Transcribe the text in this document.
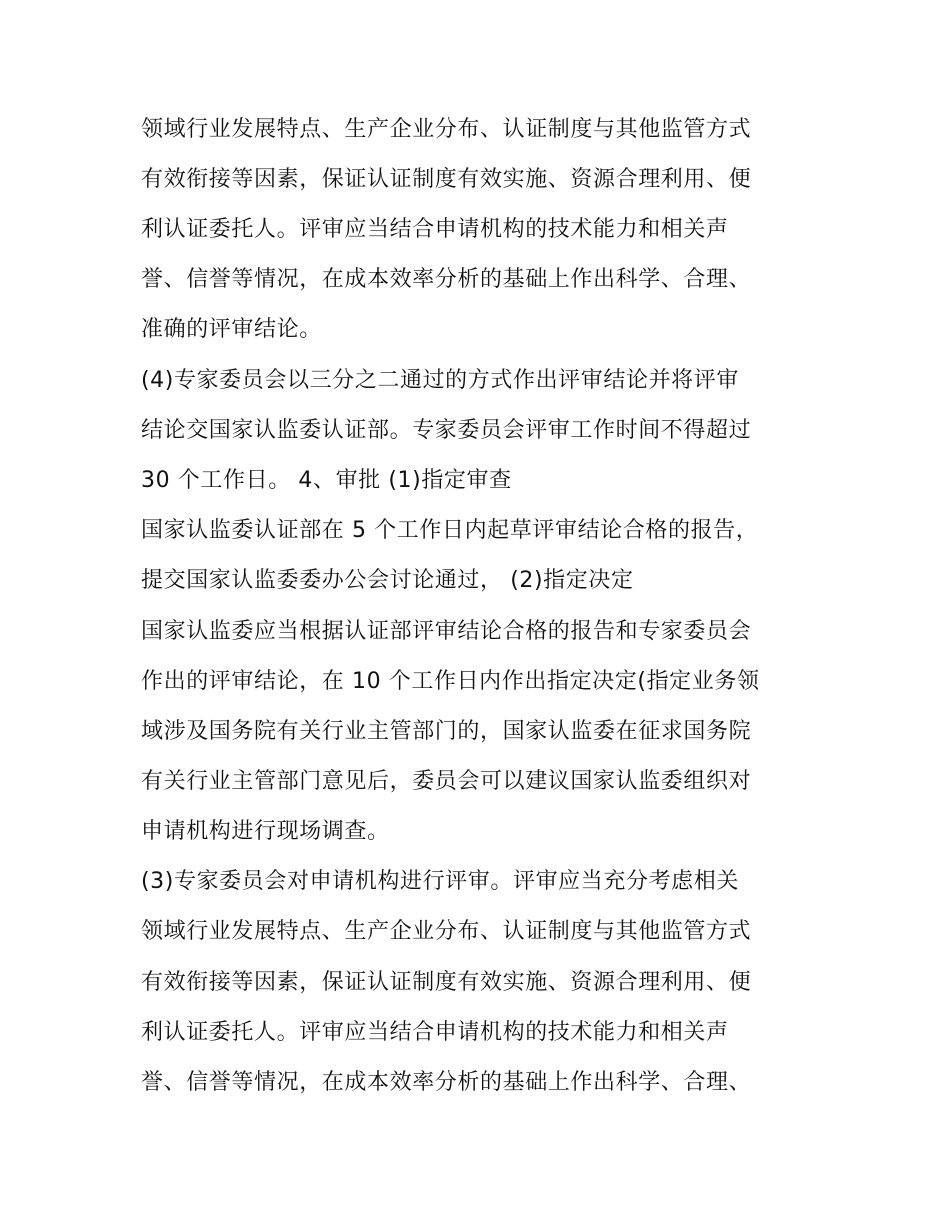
领域行业发展特点、生产企业分布、认证制度与其他监管方式
有效衔接等因素，保证认证制度有效实施、资源合理利用、便
利认证委托人。评审应当结合申请机构的技术能力和相关声
誉、信誉等情况，在成本效率分析的基础上作出科学、合理、
准确的评审结论。
(4)专家委员会以三分之二通过的方式作出评审结论并将评审
结论交国家认监委认证部。专家委员会评审工作时间不得超过
30 个工作日。 4、审批 (1)指定审查
国家认监委认证部在 5 个工作日内起草评审结论合格的报告，
提交国家认监委委办公会讨论通过， (2)指定决定
国家认监委应当根据认证部评审结论合格的报告和专家委员会
作出的评审结论，在 10 个工作日内作出指定决定(指定业务领
域涉及国务院有关行业主管部门的，国家认监委在征求国务院
有关行业主管部门意见后，委员会可以建议国家认监委组织对
申请机构进行现场调查。
(3)专家委员会对申请机构进行评审。评审应当充分考虑相关
领域行业发展特点、生产企业分布、认证制度与其他监管方式
有效衔接等因素，保证认证制度有效实施、资源合理利用、便
利认证委托人。评审应当结合申请机构的技术能力和相关声
誉、信誉等情况，在成本效率分析的基础上作出科学、合理、
